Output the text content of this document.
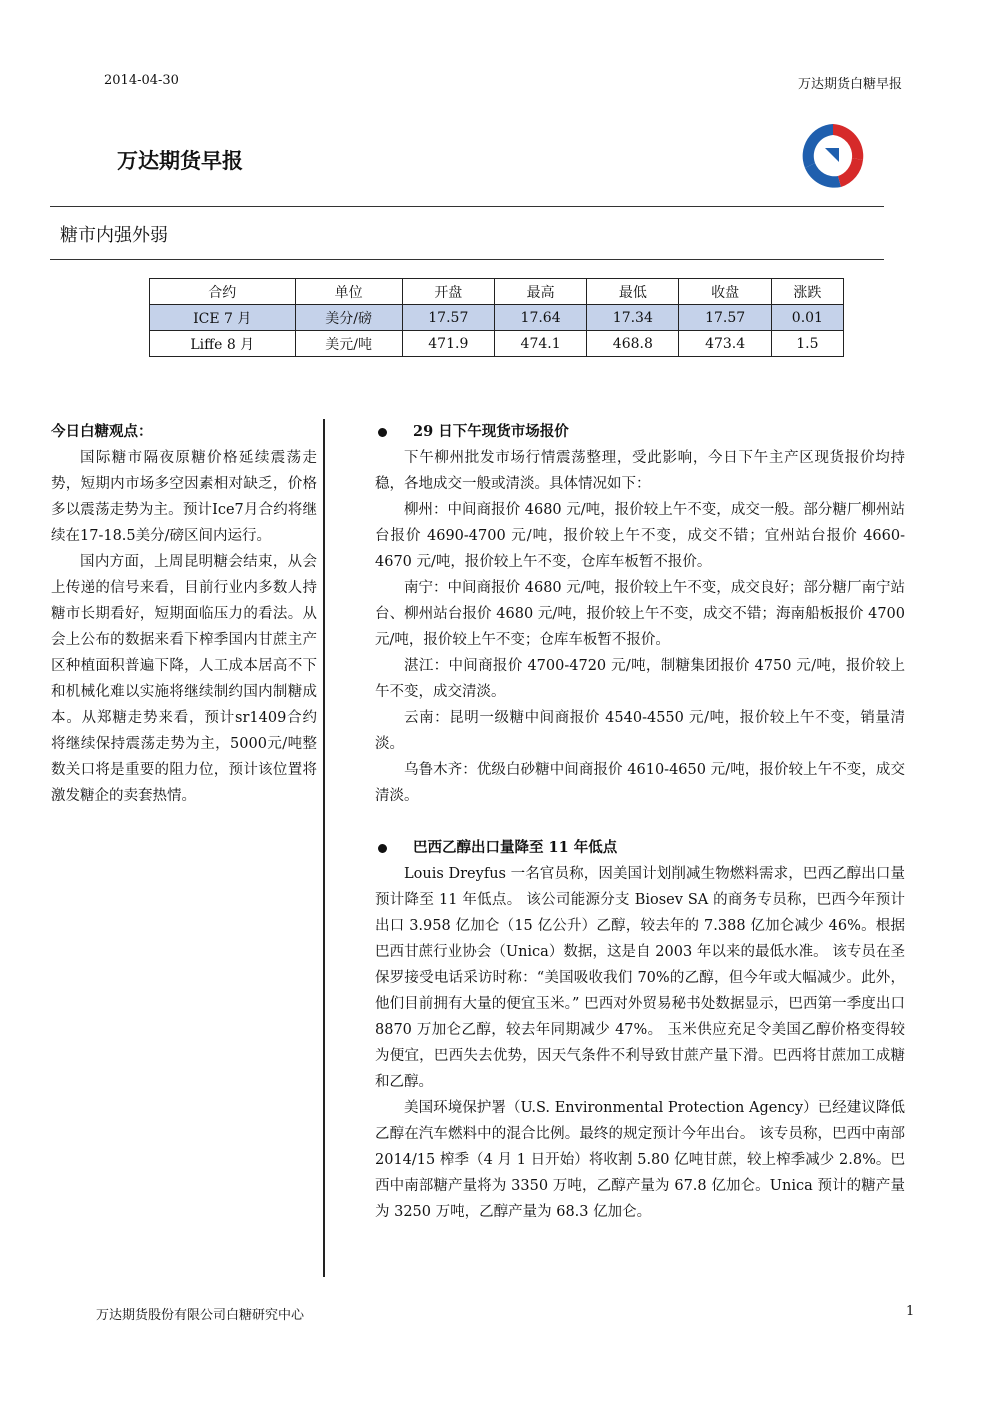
2014-04-30	万达期货白糖早报
万达期货早报
糖市内强外弱
合约	单位	开盘	最高	最低	收盘	涨跌
ICE 7 月	美分/磅	17.57	17.64	17.34	17.57	0.01
Liffe 8 月	美元/吨	471.9	474.1	468.8	473.4	1.5
今日白糖观点：

国际糖市隔夜原糖价格延续震荡走势，短期内市场多空因素相对缺乏，价格多以震荡走势为主。预计Ice7月合约将继续在17-18.5美分/磅区间内运行。

国内方面，上周昆明糖会结束，从会上传递的信号来看，目前行业内多数人持糖市长期看好，短期面临压力的看法。从会上公布的数据来看下榨季国内甘蔗主产区种植面积普遍下降，人工成本居高不下和机械化难以实施将继续制约国内制糖成本。从郑糖走势来看，预计sr1409合约将继续保持震荡走势为主，5000元/吨整数关口将是重要的阻力位，预计该位置将激发糖企的卖套热情。

29 日下午现货市场报价

下午柳州批发市场行情震荡整理，受此影响，今日下午主产区现货报价均持稳，各地成交一般或清淡。具体情况如下：

柳州：中间商报价 4680 元/吨，报价较上午不变，成交一般。部分糖厂柳州站台报价 4690-4700 元/吨，报价较上午不变，成交不错；宜州站台报价 4660-4670 元/吨，报价较上午不变，仓库车板暂不报价。

南宁：中间商报价 4680 元/吨，报价较上午不变，成交良好；部分糖厂南宁站台、柳州站台报价 4680 元/吨，报价较上午不变，成交不错；海南船板报价 4700 元/吨，报价较上午不变；仓库车板暂不报价。

湛江：中间商报价 4700-4720 元/吨，制糖集团报价 4750 元/吨，报价较上午不变，成交清淡。

云南：昆明一级糖中间商报价 4540-4550 元/吨，报价较上午不变，销量清淡。

乌鲁木齐：优级白砂糖中间商报价 4610-4650 元/吨，报价较上午不变，成交清淡。

巴西乙醇出口量降至 11 年低点

Louis Dreyfus 一名官员称，因美国计划削减生物燃料需求，巴西乙醇出口量预计降至 11 年低点。 该公司能源分支 Biosev SA 的商务专员称，巴西今年预计出口 3.958 亿加仑（15 亿公升）乙醇，较去年的 7.388 亿加仑减少 46%。根据巴西甘蔗行业协会（Unica）数据，这是自 2003 年以来的最低水准。 该专员在圣保罗接受电话采访时称：“美国吸收我们 70%的乙醇，但今年或大幅减少。此外，他们目前拥有大量的便宜玉米。” 巴西对外贸易秘书处数据显示，巴西第一季度出口 8870 万加仑乙醇，较去年同期减少 47%。 玉米供应充足令美国乙醇价格变得较为便宜，巴西失去优势，因天气条件不利导致甘蔗产量下滑。巴西将甘蔗加工成糖和乙醇。

美国环境保护署（U.S. Environmental Protection Agency）已经建议降低乙醇在汽车燃料中的混合比例。最终的规定预计今年出台。 该专员称，巴西中南部 2014/15 榨季（4 月 1 日开始）将收割 5.80 亿吨甘蔗，较上榨季减少 2.8%。巴西中南部糖产量将为 3350 万吨，乙醇产量为 67.8 亿加仑。Unica 预计的糖产量为 3250 万吨，乙醇产量为 68.3 亿加仑。

万达期货股份有限公司白糖研究中心	1
